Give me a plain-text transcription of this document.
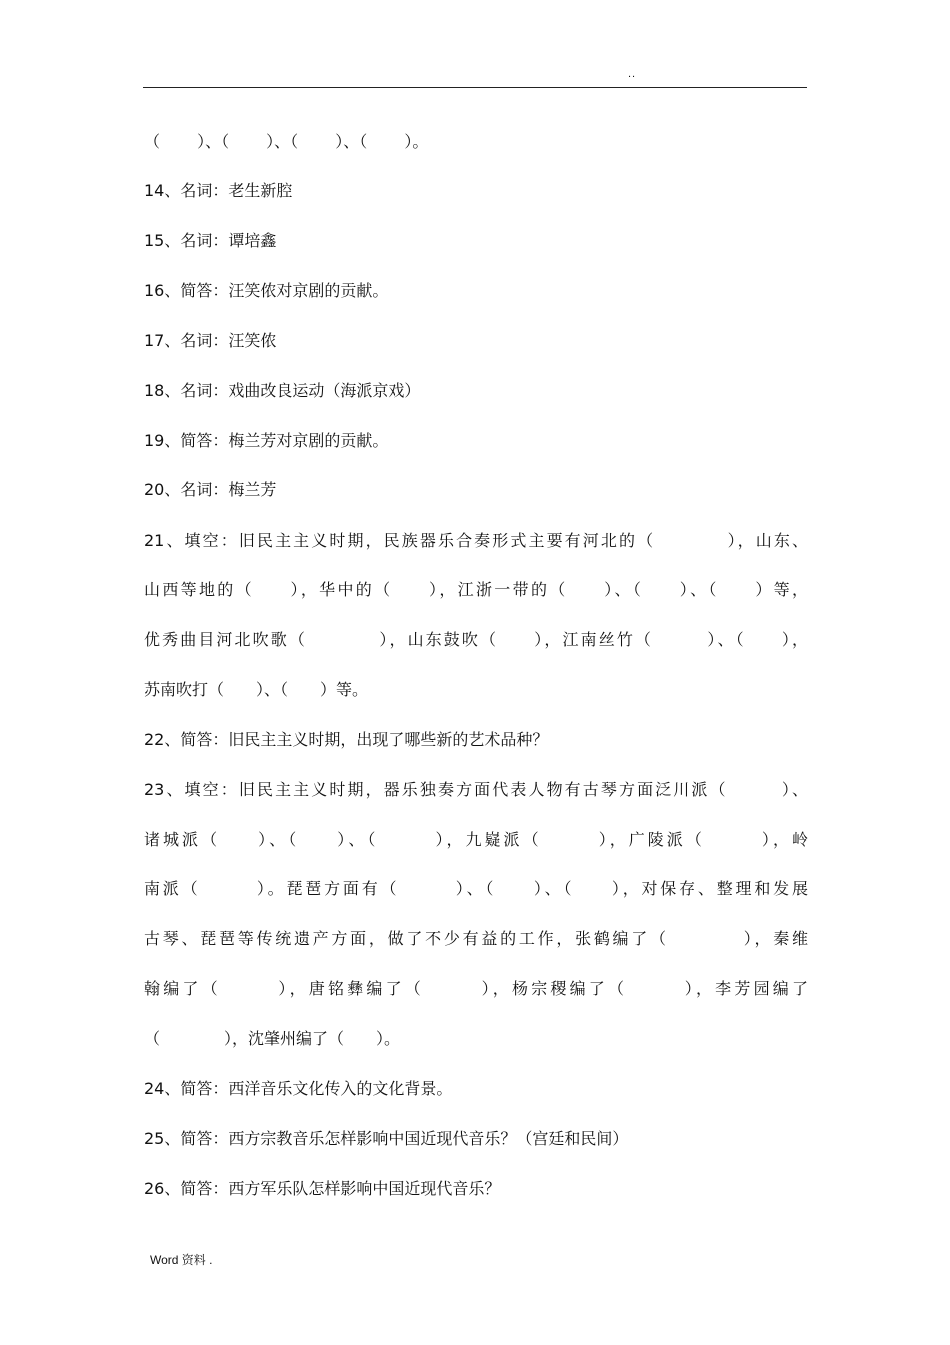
..
（　　 ）、（　　 ）、（　　 ）、（　　 ）。
14、名词：老生新腔
15、名词：谭培鑫
16、简答：汪笑侬对京剧的贡献。
17、名词：汪笑侬
18、名词：戏曲改良运动（海派京戏）
19、简答：梅兰芳对京剧的贡献。
20、名词：梅兰芳
21、填空：旧民主主义时期，民族器乐合奏形式主要有河北的（　　　　），山东、
山西等地的（　　），华中的（　　），江浙一带的（　　）、（　　）、（　　）等，
优秀曲目河北吹歌（　　　　），山东鼓吹（　　），江南丝竹（　　　）、（　　），
苏南吹打（　　）、（　　）等。
22、简答：旧民主主义时期，出现了哪些新的艺术品种？
23、填空：旧民主主义时期，器乐独奏方面代表人物有古琴方面泛川派（　　　）、
诸城派（　　）、（　　）、（　　　），九嶷派（　　　），广陵派（　　　），岭
南派（　　　）。琵琶方面有（　　　）、（　　）、（　　），对保存、整理和发展
古琴、琵琶等传统遗产方面，做了不少有益的工作，张鹤编了（　　　　），秦维
翰编了（　　　），唐铭彝编了（　　　），杨宗稷编了（　　　），李芳园编了
（　　　　），沈肇州编了（　　）。
24、简答：西洋音乐文化传入的文化背景。
25、简答：西方宗教音乐怎样影响中国近现代音乐？（宫廷和民间）
26、简答：西方军乐队怎样影响中国近现代音乐？
Word 资料 .
